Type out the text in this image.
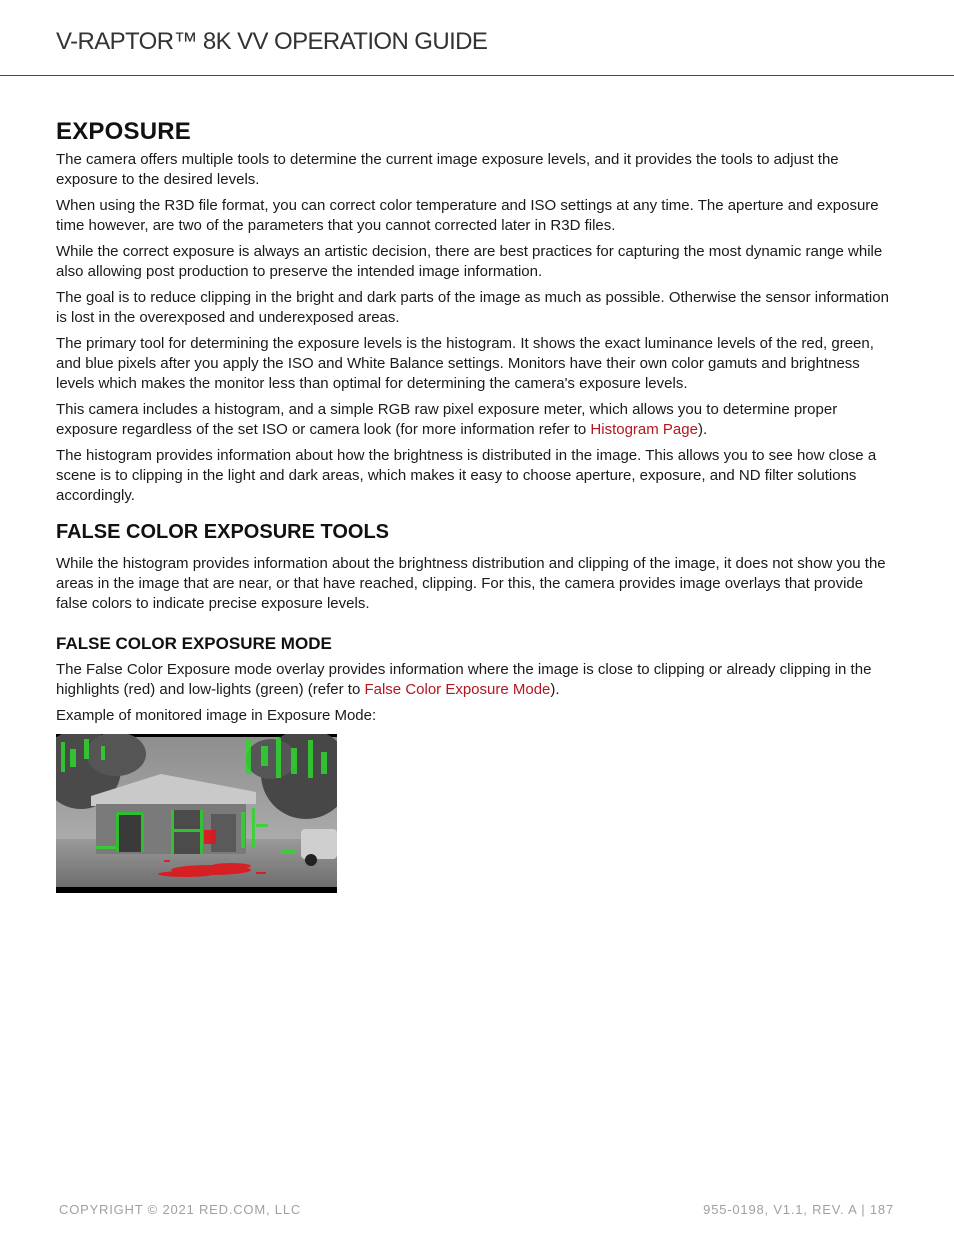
V-RAPTOR™ 8K VV OPERATION GUIDE
EXPOSURE

The camera offers multiple tools to determine the current image exposure levels, and it provides the tools to adjust the exposure to the desired levels.

When using the R3D file format, you can correct color temperature and ISO settings at any time. The aperture and exposure time however, are two of the parameters that you cannot corrected later in R3D files.

While the correct exposure is always an artistic decision, there are best practices for capturing the most dynamic range while also allowing post production to preserve the intended image information.

The goal is to reduce clipping in the bright and dark parts of the image as much as possible. Otherwise the sensor information is lost in the overexposed and underexposed areas.

The primary tool for determining the exposure levels is the histogram. It shows the exact luminance levels of the red, green, and blue pixels after you apply the ISO and White Balance settings. Monitors have their own color gamuts and brightness levels which makes the monitor less than optimal for determining the camera's exposure levels.

This camera includes a histogram, and a simple RGB raw pixel exposure meter, which allows you to determine proper exposure regardless of the set ISO or camera look (for more information refer to Histogram Page).

The histogram provides information about how the brightness is distributed in the image. This allows you to see how close a scene is to clipping in the light and dark areas, which makes it easy to choose aperture, exposure, and ND filter solutions accordingly.

FALSE COLOR EXPOSURE TOOLS

While the histogram provides information about the brightness distribution and clipping of the image, it does not show you the areas in the image that are near, or that have reached, clipping. For this, the camera provides image overlays that provide false colors to indicate precise exposure levels.

FALSE COLOR EXPOSURE MODE

The False Color Exposure mode overlay provides information where the image is close to clipping or already clipping in the highlights (red) and low-lights (green) (refer to False Color Exposure Mode).

Example of monitored image in Exposure Mode:

COPYRIGHT © 2021 RED.COM, LLC	955-0198, V1.1, REV. A | 187
